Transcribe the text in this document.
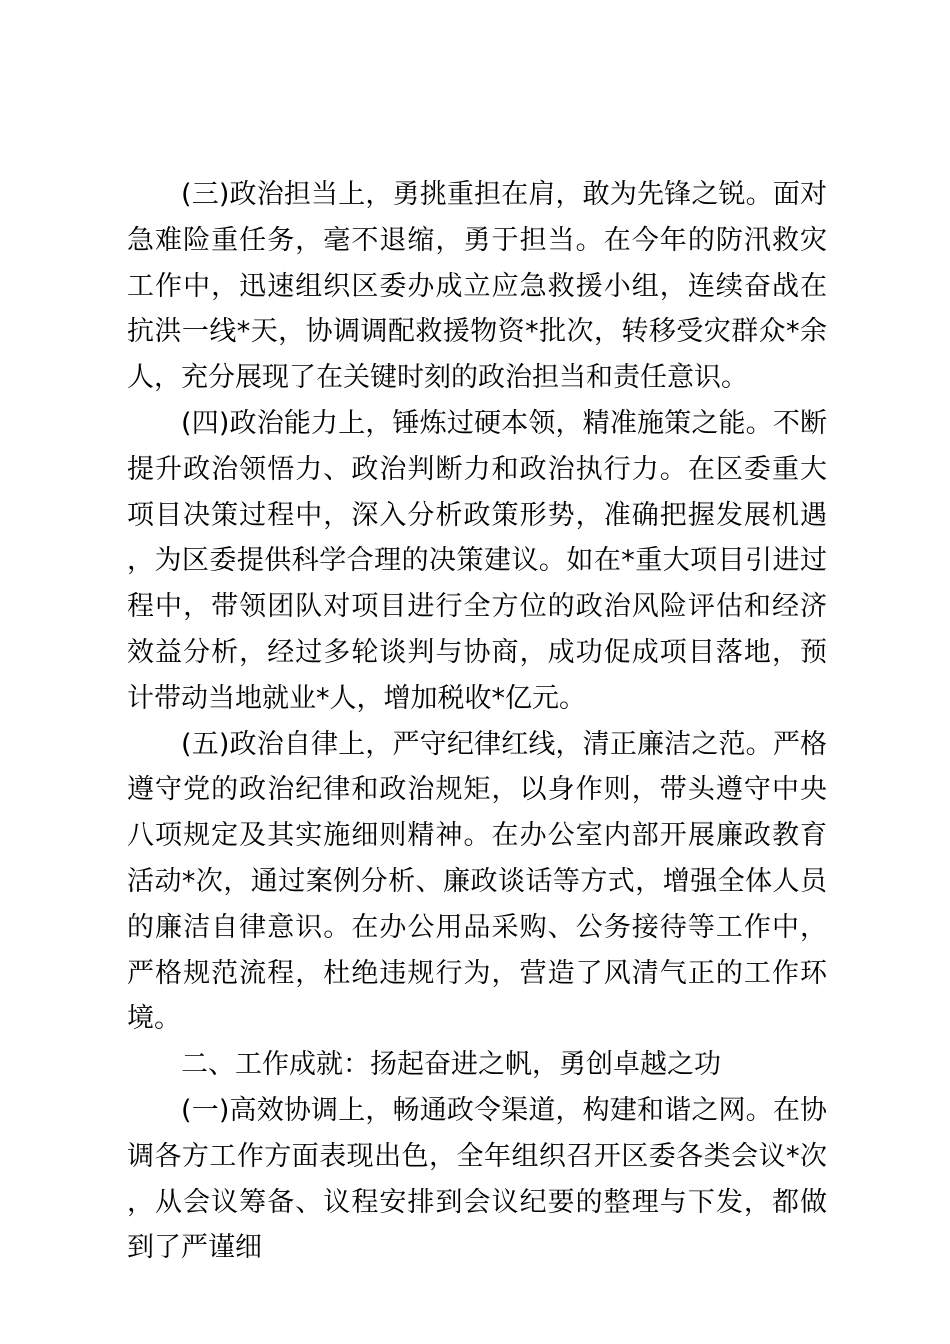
(三)政治担当上，勇挑重担在肩，敢为先锋之锐。面对急难险重任务，毫不退缩，勇于担当。在今年的防汛救灾工作中，迅速组织区委办成立应急救援小组，连续奋战在抗洪一线*天，协调调配救援物资*批次，转移受灾群众*余人，充分展现了在关键时刻的政治担当和责任意识。

(四)政治能力上，锤炼过硬本领，精准施策之能。不断提升政治领悟力、政治判断力和政治执行力。在区委重大项目决策过程中，深入分析政策形势，准确把握发展机遇，为区委提供科学合理的决策建议。如在*重大项目引进过程中，带领团队对项目进行全方位的政治风险评估和经济效益分析，经过多轮谈判与协商，成功促成项目落地，预计带动当地就业*人，增加税收*亿元。

(五)政治自律上，严守纪律红线，清正廉洁之范。严格遵守党的政治纪律和政治规矩，以身作则，带头遵守中央八项规定及其实施细则精神。在办公室内部开展廉政教育活动*次，通过案例分析、廉政谈话等方式，增强全体人员的廉洁自律意识。在办公用品采购、公务接待等工作中，严格规范流程，杜绝违规行为，营造了风清气正的工作环境。

二、工作成就：扬起奋进之帆，勇创卓越之功

(一)高效协调上，畅通政令渠道，构建和谐之网。在协调各方工作方面表现出色，全年组织召开区委各类会议*次，从会议筹备、议程安排到会议纪要的整理与下发，都做到了严谨细
